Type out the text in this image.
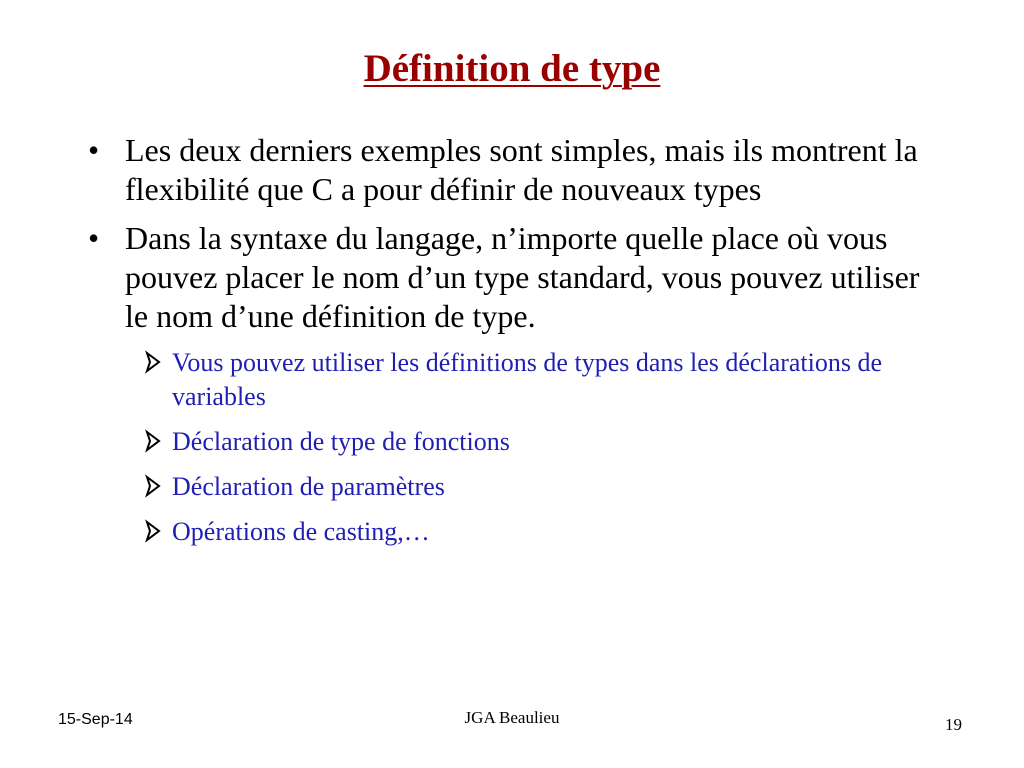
Définition de type
• Les deux derniers exemples sont simples, mais ils montrent la flexibilité que C a pour définir de nouveaux types
• Dans la syntaxe du langage, n’importe quelle place où vous pouvez placer le nom d’un type standard, vous pouvez utiliser le nom d’une définition de type.
Vous pouvez utiliser les définitions de types dans les déclarations de variables
Déclaration de type de fonctions
Déclaration de paramètres
Opérations de casting,…
15-Sep-14	JGA Beaulieu	19
